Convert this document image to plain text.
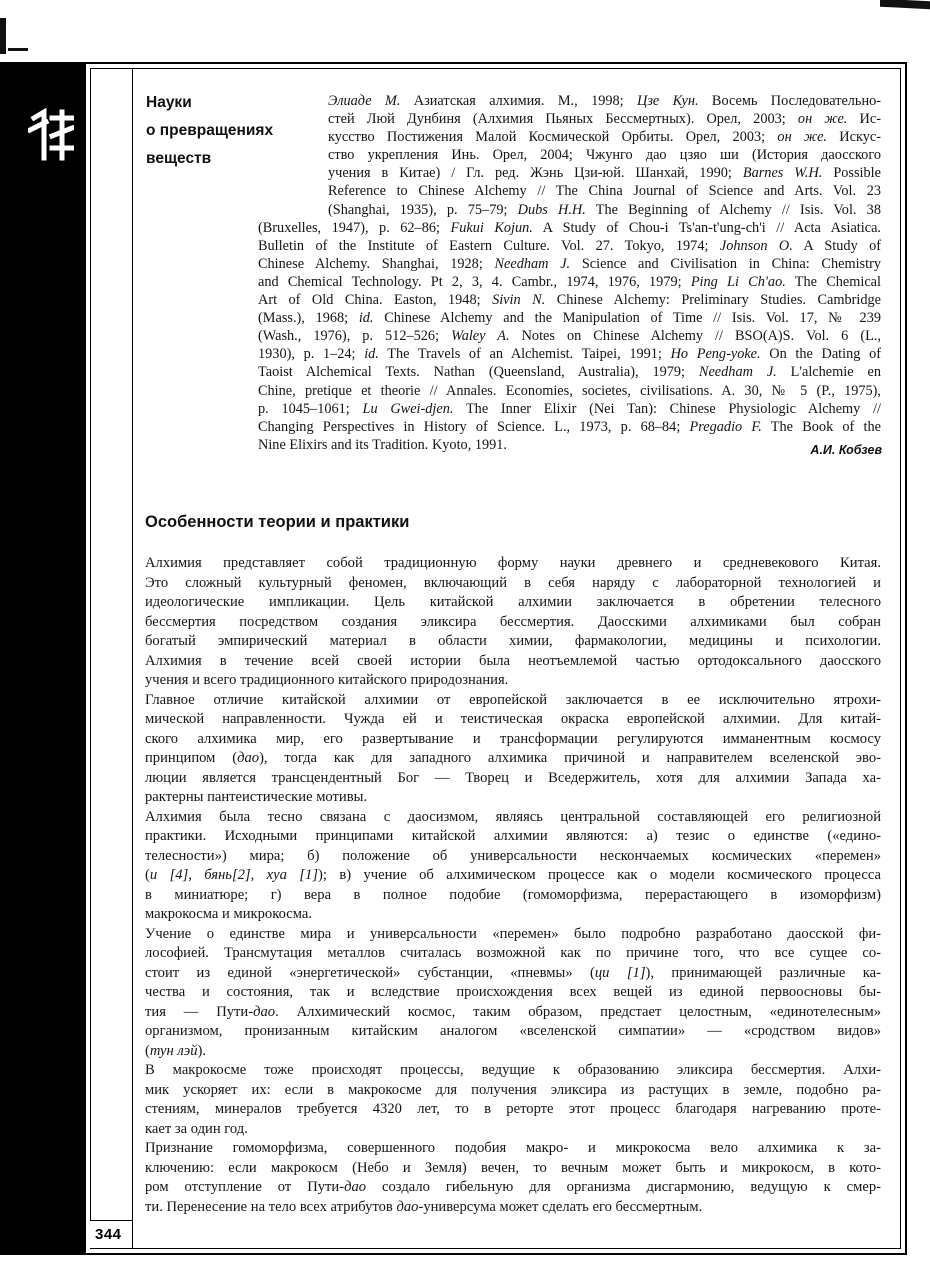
344
Науки
о превращениях
веществ
Элиаде М. Азиатская алхимия. М., 1998; Цзе Кун. Восемь Последовательно-
стей Люй Дунбиня (Алхимия Пьяных Бессмертных). Орел, 2003; он же. Ис-
кусство Постижения Малой Космической Орбиты. Орел, 2003; он же. Искус-
ство укрепления Инь. Орел, 2004; Чжунго дао цзяо ши (История даосского
учения в Китае) / Гл. ред. Жэнь Цзи-юй. Шанхай, 1990; Barnes W.H. Possible
Reference to Chinese Alchemy // The China Journal of Science and Arts. Vol. 23
(Shanghai, 1935), p. 75–79; Dubs H.H. The Beginning of Alchemy // Isis. Vol. 38
(Bruxelles, 1947), p. 62–86; Fukui Kojun. A Study of Chou-i Ts'an-t'ung-ch'i // Acta Asiatica.
Bulletin of the Institute of Eastern Culture. Vol. 27. Tokyo, 1974; Johnson O. A Study of
Chinese Alchemy. Shanghai, 1928; Needham J. Science and Civilisation in China: Chemistry
and Chemical Technology. Pt 2, 3, 4. Cambr., 1974, 1976, 1979; Ping Li Ch'ao. The Chemical
Art of Old China. Easton, 1948; Sivin N. Chinese Alchemy: Preliminary Studies. Cambridge
(Mass.), 1968; id. Chinese Alchemy and the Manipulation of Time // Isis. Vol. 17, № 239
(Wash., 1976), p. 512–526; Waley A. Notes on Chinese Alchemy // BSO(A)S. Vol. 6 (L.,
1930), p. 1–24; id. The Travels of an Alchemist. Taipei, 1991; Ho Peng-yoke. On the Dating of
Taoist Alchemical Texts. Nathan (Queensland, Australia), 1979; Needham J. L'alchemie en
Chine, pretique et theorie // Annales. Economies, societes, civilisations. A. 30, № 5 (P., 1975),
p. 1045–1061; Lu Gwei-djen. The Inner Elixir (Nei Tan): Chinese Physiologic Alchemy //
Changing Perspectives in History of Science. L., 1973, p. 68–84; Pregadio F. The Book of the
Nine Elixirs and its Tradition. Kyoto, 1991.	А.И. Кобзев
Особенности теории и практики
Алхимия представляет собой традиционную форму науки древнего и средневекового Китая.
Это сложный культурный феномен, включающий в себя наряду с лабораторной технологией и
идеологические импликации. Цель китайской алхимии заключается в обретении телесного
бессмертия посредством создания эликсира бессмертия. Даосскими алхимиками был собран
богатый эмпирический материал в области химии, фармакологии, медицины и психологии.
Алхимия в течение всей своей истории была неотъемлемой частью ортодоксального даосского
учения и всего традиционного китайского природознания.
Главное отличие китайской алхимии от европейской заключается в ее исключительно ятрохи-
мической направленности. Чужда ей и теистическая окраска европейской алхимии. Для китай-
ского алхимика мир, его развертывание и трансформации регулируются имманентным космосу
принципом (дао), тогда как для западного алхимика причиной и направителем вселенской эво-
люции является трансцендентный Бог — Творец и Вседержитель, хотя для алхимии Запада ха-
рактерны пантеистические мотивы.
Алхимия была тесно связана с даосизмом, являясь центральной составляющей его религиозной
практики. Исходными принципами китайской алхимии являются: а) тезис о единстве («едино-
телесности») мира; б) положение об универсальности нескончаемых космических «перемен»
(и [4], бянь[2], хуа [1]); в) учение об алхимическом процессе как о модели космического процесса
в миниатюре; г) вера в полное подобие (гомоморфизма, перерастающего в изоморфизм)
макрокосма и микрокосма.
Учение о единстве мира и универсальности «перемен» было подробно разработано даосской фи-
лософией. Трансмутация металлов считалась возможной как по причине того, что все сущее со-
стоит из единой «энергетической» субстанции, «пневмы» (ци [1]), принимающей различные ка-
чества и состояния, так и вследствие происхождения всех вещей из единой первоосновы бы-
тия — Пути-дао. Алхимический космос, таким образом, предстает целостным, «единотелесным»
организмом, пронизанным китайским аналогом «вселенской симпатии» — «сродством видов»
(тун лэй).
В макрокосме тоже происходят процессы, ведущие к образованию эликсира бессмертия. Алхи-
мик ускоряет их: если в макрокосме для получения эликсира из растущих в земле, подобно ра-
стениям, минералов требуется 4320 лет, то в реторте этот процесс благодаря нагреванию проте-
кает за один год.
Признание гомоморфизма, совершенного подобия макро- и микрокосма вело алхимика к за-
ключению: если макрокосм (Небо и Земля) вечен, то вечным может быть и микрокосм, в кото-
ром отступление от Пути-дао создало гибельную для организма дисгармонию, ведущую к смер-
ти. Перенесение на тело всех атрибутов дао-универсума может сделать его бессмертным.
